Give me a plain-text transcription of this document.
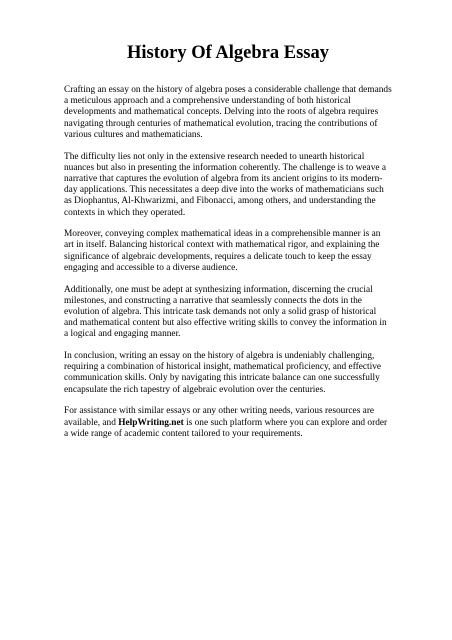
History Of Algebra Essay

Crafting an essay on the history of algebra poses a considerable challenge that demands a meticulous approach and a comprehensive understanding of both historical developments and mathematical concepts. Delving into the roots of algebra requires navigating through centuries of mathematical evolution, tracing the contributions of various cultures and mathematicians.

The difficulty lies not only in the extensive research needed to unearth historical nuances but also in presenting the information coherently. The challenge is to weave a narrative that captures the evolution of algebra from its ancient origins to its modern-day applications. This necessitates a deep dive into the works of mathematicians such as Diophantus, Al-Khwarizmi, and Fibonacci, among others, and understanding the contexts in which they operated.

Moreover, conveying complex mathematical ideas in a comprehensible manner is an art in itself. Balancing historical context with mathematical rigor, and explaining the significance of algebraic developments, requires a delicate touch to keep the essay engaging and accessible to a diverse audience.

Additionally, one must be adept at synthesizing information, discerning the crucial milestones, and constructing a narrative that seamlessly connects the dots in the evolution of algebra. This intricate task demands not only a solid grasp of historical and mathematical content but also effective writing skills to convey the information in a logical and engaging manner.

In conclusion, writing an essay on the history of algebra is undeniably challenging, requiring a combination of historical insight, mathematical proficiency, and effective communication skills. Only by navigating this intricate balance can one successfully encapsulate the rich tapestry of algebraic evolution over the centuries.

For assistance with similar essays or any other writing needs, various resources are available, and HelpWriting.net is one such platform where you can explore and order a wide range of academic content tailored to your requirements.
